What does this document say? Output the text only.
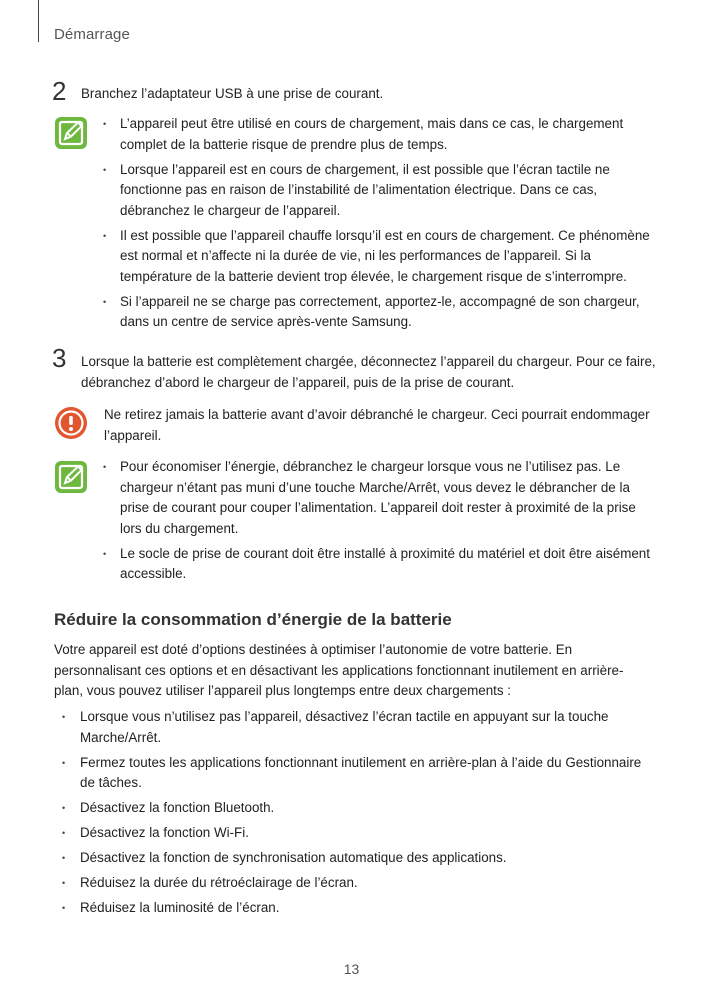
Démarrage
2 Branchez l’adaptateur USB à une prise de courant.
• L’appareil peut être utilisé en cours de chargement, mais dans ce cas, le chargement complet de la batterie risque de prendre plus de temps.
• Lorsque l’appareil est en cours de chargement, il est possible que l’écran tactile ne fonctionne pas en raison de l’instabilité de l’alimentation électrique. Dans ce cas, débranchez le chargeur de l’appareil.
• Il est possible que l’appareil chauffe lorsqu’il est en cours de chargement. Ce phénomène est normal et n’affecte ni la durée de vie, ni les performances de l’appareil. Si la température de la batterie devient trop élevée, le chargement risque de s’interrompre.
• Si l’appareil ne se charge pas correctement, apportez-le, accompagné de son chargeur, dans un centre de service après-vente Samsung.
3 Lorsque la batterie est complètement chargée, déconnectez l’appareil du chargeur. Pour ce faire, débranchez d’abord le chargeur de l’appareil, puis de la prise de courant.

Ne retirez jamais la batterie avant d’avoir débranché le chargeur. Ceci pourrait endommager l’appareil.

• Pour économiser l’énergie, débranchez le chargeur lorsque vous ne l’utilisez pas. Le chargeur n’étant pas muni d’une touche Marche/Arrêt, vous devez le débrancher de la prise de courant pour couper l’alimentation. L’appareil doit rester à proximité de la prise lors du chargement.
• Le socle de prise de courant doit être installé à proximité du matériel et doit être aisément accessible.
Réduire la consommation d’énergie de la batterie

Votre appareil est doté d’options destinées à optimiser l’autonomie de votre batterie. En personnalisant ces options et en désactivant les applications fonctionnant inutilement en arrière-plan, vous pouvez utiliser l’appareil plus longtemps entre deux chargements :

• Lorsque vous n’utilisez pas l’appareil, désactivez l’écran tactile en appuyant sur la touche Marche/Arrêt.
• Fermez toutes les applications fonctionnant inutilement en arrière-plan à l’aide du Gestionnaire de tâches.
• Désactivez la fonction Bluetooth.
• Désactivez la fonction Wi-Fi.
• Désactivez la fonction de synchronisation automatique des applications.
• Réduisez la durée du rétroéclairage de l’écran.
• Réduisez la luminosité de l’écran.
13
